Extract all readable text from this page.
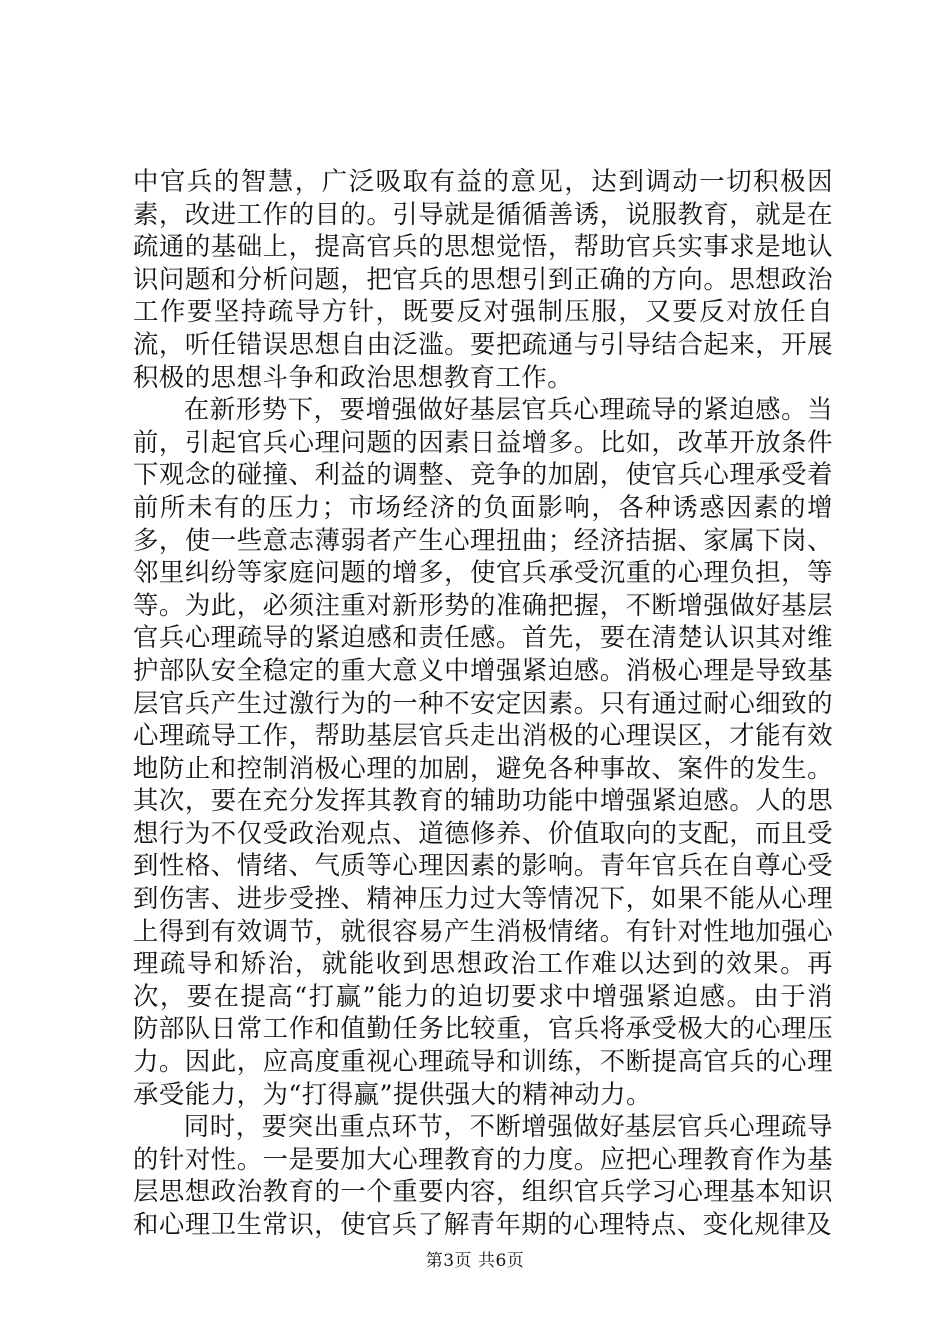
中官兵的智慧，广泛吸取有益的意见，达到调动一切积极因素，改进工作的目的。引导就是循循善诱，说服教育，就是在疏通的基础上，提高官兵的思想觉悟，帮助官兵实事求是地认识问题和分析问题，把官兵的思想引到正确的方向。思想政治工作要坚持疏导方针，既要反对强制压服，又要反对放任自流，听任错误思想自由泛滥。要把疏通与引导结合起来，开展积极的思想斗争和政治思想教育工作。

在新形势下，要增强做好基层官兵心理疏导的紧迫感。当前，引起官兵心理问题的因素日益增多。比如，改革开放条件下观念的碰撞、利益的调整、竞争的加剧，使官兵心理承受着前所未有的压力；市场经济的负面影响，各种诱惑因素的增多，使一些意志薄弱者产生心理扭曲；经济拮据、家属下岗、邻里纠纷等家庭问题的增多，使官兵承受沉重的心理负担，等等。为此，必须注重对新形势的准确把握，不断增强做好基层官兵心理疏导的紧迫感和责任感。首先，要在清楚认识其对维护部队安全稳定的重大意义中增强紧迫感。消极心理是导致基层官兵产生过激行为的一种不安定因素。只有通过耐心细致的心理疏导工作，帮助基层官兵走出消极的心理误区，才能有效地防止和控制消极心理的加剧，避免各种事故、案件的发生。其次，要在充分发挥其教育的辅助功能中增强紧迫感。人的思想行为不仅受政治观点、道德修养、价值取向的支配，而且受到性格、情绪、气质等心理因素的影响。青年官兵在自尊心受到伤害、进步受挫、精神压力过大等情况下，如果不能从心理上得到有效调节，就很容易产生消极情绪。有针对性地加强心理疏导和矫治，就能收到思想政治工作难以达到的效果。再次，要在提高“打赢”能力的迫切要求中增强紧迫感。由于消防部队日常工作和值勤任务比较重，官兵将承受极大的心理压力。因此，应高度重视心理疏导和训练，不断提高官兵的心理承受能力，为“打得赢”提供强大的精神动力。

同时，要突出重点环节，不断增强做好基层官兵心理疏导的针对性。一是要加大心理教育的力度。应把心理教育作为基层思想政治教育的一个重要内容，组织官兵学习心理基本知识和心理卫生常识，使官兵了解青年期的心理特点、变化规律及

第3页 共6页
